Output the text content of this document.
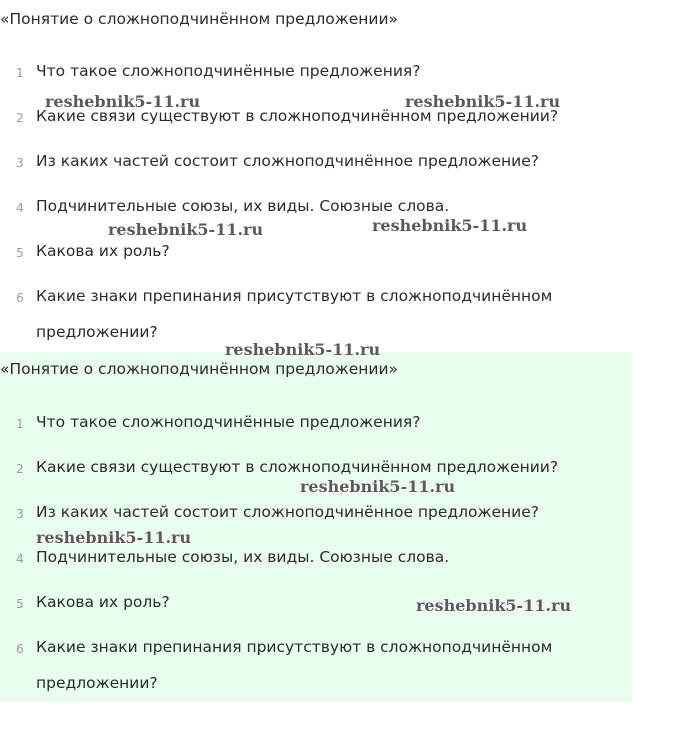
«Понятие о сложноподчинённом предложении»
1 Что такое сложноподчинённые предложения?
2 Какие связи существуют в сложноподчинённом предложении?
3 Из каких частей состоит сложноподчинённое предложение?
4 Подчинительные союзы, их виды. Союзные слова.
5 Какова их роль?
6 Какие знаки препинания присутствуют в сложноподчинённом предложении?
«Понятие о сложноподчинённом предложении»
1 Что такое сложноподчинённые предложения?
2 Какие связи существуют в сложноподчинённом предложении?
3 Из каких частей состоит сложноподчинённое предложение?
4 Подчинительные союзы, их виды. Союзные слова.
5 Какова их роль?
6 Какие знаки препинания присутствуют в сложноподчинённом предложении?
reshebnik5-11.ru	reshebnik5-11.ru
reshebnik5-11.ru	reshebnik5-11.ru
reshebnik5-11.ru
reshebnik5-11.ru
reshebnik5-11.ru
reshebnik5-11.ru
